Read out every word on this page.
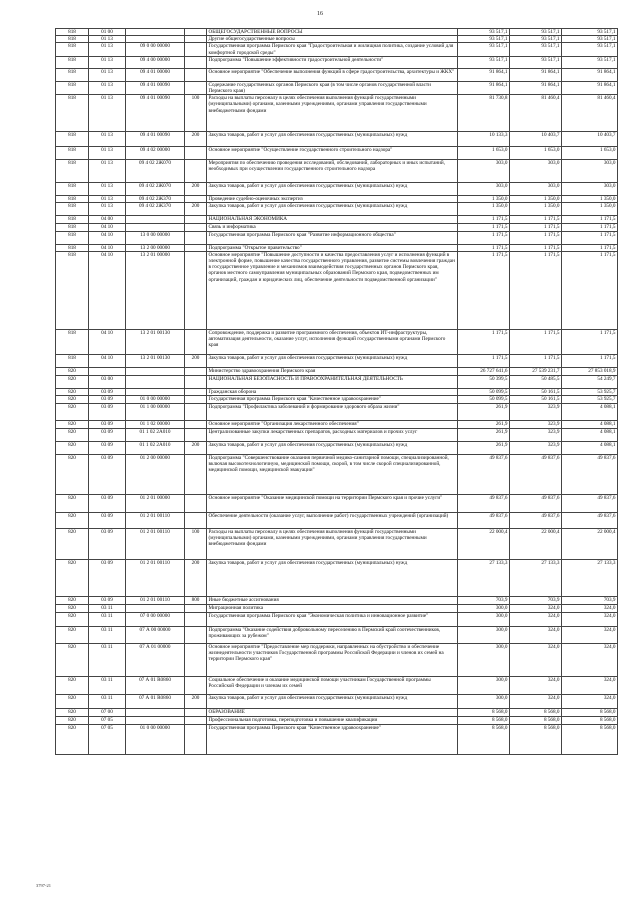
16
818	01 00			ОБЩЕГОСУДАРСТВЕННЫЕ ВОПРОСЫ	93 517,1	93 517,1	93 517,1
818	01 13			Другие общегосударственные вопросы	93 517,1	93 517,1	93 517,1
818	01 13	09 0 00 00000		Государственная программа Пермского края "Градостроительная и жилищная политика, создание условий для комфортной городской среды"	93 517,1	93 517,1	93 517,1
818	01 13	09 4 00 00000		Подпрограмма "Повышение эффективности градостроительной деятельности"	93 517,1	93 517,1	93 517,1
818	01 13	09 4 01 00000		Основное мероприятие "Обеспечение выполнения функций в сфере градостроительства, архитектуры и ЖКХ"	91 864,1	91 864,1	91 864,1
818	01 13	09 4 01 00090		Содержание государственных органов Пермского края (в том числе органов государственной власти Пермского края)	91 864,1	91 864,1	91 864,1
818	01 13	09 4 01 00090	100	Расходы на выплаты персоналу в целях обеспечения выполнения функций государственными (муниципальными) органами, казенными учреждениями, органами управления государственными внебюджетными фондами	81 730,8	81 460,4	81 460,4
818	01 13	09 4 01 00090	200	Закупка товаров, работ и услуг для обеспечения государственных (муниципальных) нужд	10 133,3	10 403,7	10 403,7
818	01 13	09 4 02 00000		Основное мероприятие "Осуществление государственного строительного надзора"	1 653,0	1 653,0	1 653,0
818	01 13	09 4 02 2Ж070		Мероприятия по обеспечению проведения исследований, обследований, лабораторных и иных испытаний, необходимых при осуществлении государственного строительного надзора	303,0	303,0	303,0
818	01 13	09 4 02 2Ж070	200	Закупка товаров, работ и услуг для обеспечения государственных (муниципальных) нужд	303,0	303,0	303,0
818	01 13	09 4 02 2Ж370		Проведение судебно-оценочных экспертиз	1 350,0	1 350,0	1 350,0
818	01 13	09 4 02 2Ж370	200	Закупка товаров, работ и услуг для обеспечения государственных (муниципальных) нужд	1 350,0	1 350,0	1 350,0
818	04 00			НАЦИОНАЛЬНАЯ ЭКОНОМИКА	1 171,5	1 171,5	1 171,5
818	04 10			Связь и информатика	1 171,5	1 171,5	1 171,5
818	04 10	13 0 00 00000		Государственная программа Пермского края "Развитие информационного общества"	1 171,5	1 171,5	1 171,5
818	04 10	13 2 00 00000		Подпрограмма "Открытое правительство"	1 171,5	1 171,5	1 171,5
818	04 10	13 2 01 00000		Основное мероприятие "Повышение доступности и качества предоставления услуг и исполнения функций в электронной форме, повышение качества государственного управления, развитие системы вовлечения граждан в государственное управление и механизмов взаимодействия государственных органов Пермского края, органов местного самоуправления муниципальных образований Пермского края, подведомственных им организаций, граждан и юридических лиц, обеспечение деятельности подведомственной организации"	1 171,5	1 171,5	1 171,5
818	04 10	13 2 01 00130		Сопровождение, поддержка и развитие программного обеспечения, объектов ИТ-инфраструктуры, автоматизация деятельности, оказание услуг, исполнения функций государственными органами Пермского края	1 171,5	1 171,5	1 171,5
818	04 10	13 2 01 00130	200	Закупка товаров, работ и услуг для обеспечения государственных (муниципальных) нужд	1 171,5	1 171,5	1 171,5
820				Министерство здравоохранения Пермского края	26 727 641,6	27 539 231,7	27 853 018,9
820	03 00			НАЦИОНАЛЬНАЯ БЕЗОПАСНОСТЬ И ПРАВООХРАНИТЕЛЬНАЯ ДЕЯТЕЛЬНОСТЬ	50 399,5	50 485,5	54 249,7
820	03 09			Гражданская оборона	50 099,5	50 161,5	53 925,7
820	03 09	01 0 00 00000		Государственная программа Пермского края "Качественное здравоохранение"	50 099,5	50 161,5	53 925,7
820	03 09	01 1 00 00000		Подпрограмма "Профилактика заболеваний и формирование здорового образа жизни"	261,9	323,9	4 088,1
820	03 09	01 1 02 00000		Основное мероприятие "Организация лекарственного обеспечения"	261,9	323,9	4 088,1
820	03 09	01 1 02 2А010		Централизованные закупки лекарственных препаратов, расходных материалов и прочих услуг	261,9	323,9	4 088,1
820	03 09	01 1 02 2А010	200	Закупка товаров, работ и услуг для обеспечения государственных (муниципальных) нужд	261,9	323,9	4 088,1
820	03 09	01 2 00 00000		Подпрограмма "Совершенствование оказания первичной медико-санитарной помощи, специализированной, включая высокотехнологичную, медицинской помощи, скорой, в том числе скорой специализированной, медицинской помощи, медицинской эвакуации"	49 837,6	49 837,6	49 837,6
820	03 09	01 2 01 00000		Основное мероприятие "Оказание медицинской помощи на территории Пермского края и прочие услуги"	49 837,6	49 837,6	49 837,6
820	03 09	01 2 01 00110		Обеспечение деятельности (оказание услуг, выполнение работ) государственных учреждений (организаций)	49 837,6	49 837,6	49 837,6
820	03 09	01 2 01 00110	100	Расходы на выплаты персоналу в целях обеспечения выполнения функций государственными (муниципальными) органами, казенными учреждениями, органами управления государственными внебюджетными фондами	22 000,4	22 000,4	22 000,4
820	03 09	01 2 01 00110	200	Закупка товаров, работ и услуг для обеспечения государственных (муниципальных) нужд	27 133,3	27 133,3	27 133,3
820	03 09	01 2 01 00110	800	Иные бюджетные ассигнования	703,9	703,9	703,9
820	03 11			Миграционная политика	300,0	324,0	324,0
820	03 11	07 0 00 00000		Государственная программа Пермского края "Экономическая политика и инновационное развитие"	300,0	324,0	324,0
820	03 11	07 А 00 00000		Подпрограмма "Оказание содействия добровольному переселению в Пермский край соотечественников, проживающих за рубежом"	300,0	324,0	324,0
820	03 11	07 А 01 00000		Основное мероприятие "Предоставление мер поддержки, направленных на обустройство и обеспечение жизнедеятельности участников Государственной программы Российской Федерации и членов их семей на территории Пермского края"	300,0	324,0	324,0
820	03 11	07 А 01 R0860		Социальное обеспечение и оказание медицинской помощи участникам Государственной программы Российской Федерации и членам их семей	300,0	324,0	324,0
820	03 11	07 А 01 R0860	200	Закупка товаров, работ и услуг для обеспечения государственных (муниципальных) нужд	300,0	324,0	324,0
820	07 00			ОБРАЗОВАНИЕ	8 568,0	8 568,0	8 568,0
820	07 05			Профессиональная подготовка, переподготовка и повышение квалификации	8 568,0	8 568,0	8 568,0
820	07 05	01 0 00 00000		Государственная программа Пермского края "Качественное здравоохранение"	8 568,0	8 568,0	8 568,0
3797-21
